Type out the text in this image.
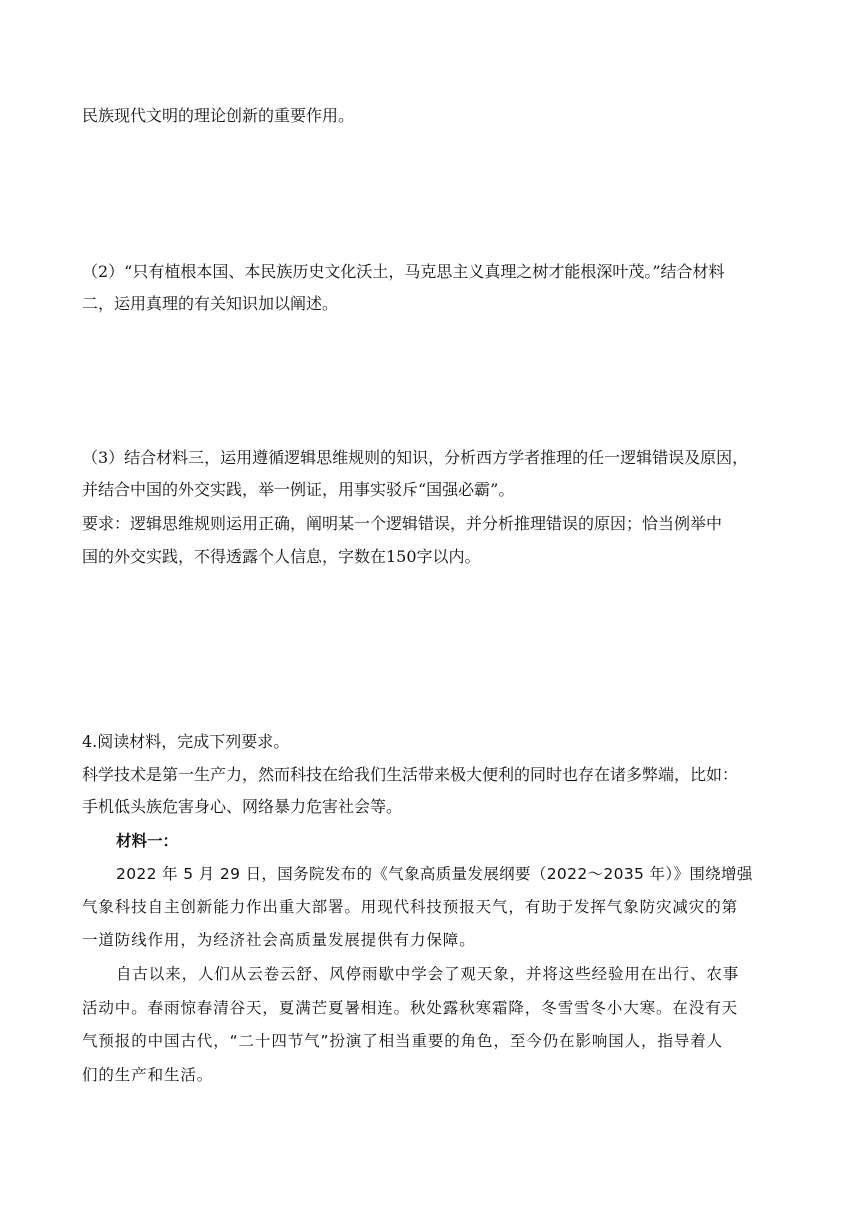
民族现代文明的理论创新的重要作用。
（2）“只有植根本国、本民族历史文化沃土，马克思主义真理之树才能根深叶茂。”结合材料
二，运用真理的有关知识加以阐述。
（3）结合材料三，运用遵循逻辑思维规则的知识，分析西方学者推理的任一逻辑错误及原因，
并结合中国的外交实践，举一例证，用事实驳斥“国强必霸”。
要求：逻辑思维规则运用正确，阐明某一个逻辑错误，并分析推理错误的原因；恰当例举中
国的外交实践，不得透露个人信息，字数在150字以内。
4.阅读材料，完成下列要求。
科学技术是第一生产力，然而科技在给我们生活带来极大便利的同时也存在诸多弊端，比如：
手机低头族危害身心、网络暴力危害社会等。
材料一：
2022 年 5 月 29 日，国务院发布的《气象高质量发展纲要（2022～2035 年）》围绕增强
气象科技自主创新能力作出重大部署。用现代科技预报天气，有助于发挥气象防灾减灾的第
一道防线作用，为经济社会高质量发展提供有力保障。
自古以来，人们从云卷云舒、风停雨歇中学会了观天象，并将这些经验用在出行、农事
活动中。春雨惊春清谷天，夏满芒夏暑相连。秋处露秋寒霜降，冬雪雪冬小大寒。在没有天
气预报的中国古代，“二十四节气”扮演了相当重要的角色，至今仍在影响国人，指导着人
们的生产和生活。
